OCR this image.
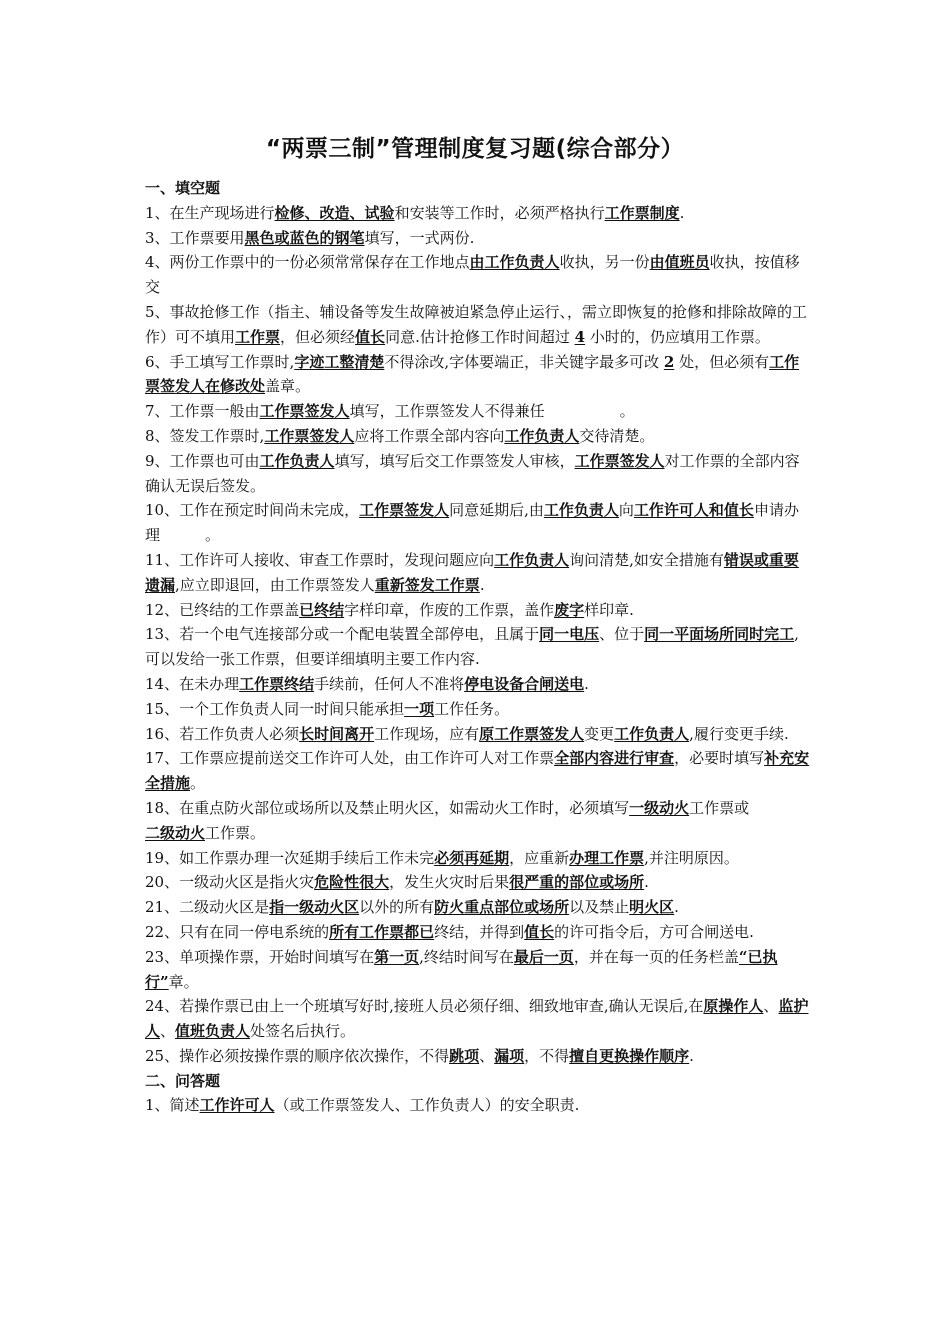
“两票三制”管理制度复习题(综合部分）

一、填空题

1、在生产现场进行检修、改造、试验和安装等工作时，必须严格执行工作票制度.

3、工作票要用黑色或蓝色的钢笔填写，一式两份.

4、两份工作票中的一份必须常常保存在工作地点由工作负责人收执，另一份由值班员收执，按值移交

5、事故抢修工作（指主、辅设备等发生故障被迫紧急停止运行、，需立即恢复的抢修和排除故障的工作）可不填用工作票，但必须经值长同意.估计抢修工作时间超过 4 小时的，仍应填用工作票。

6、手工填写工作票时,字迹工整清楚不得涂改,字体要端正，非关键字最多可改 2 处，但必须有工作票签发人在修改处盖章。

7、工作票一般由工作票签发人填写，工作票签发人不得兼任　　　　　。

8、签发工作票时,工作票签发人应将工作票全部内容向工作负责人交待清楚。

9、工作票也可由工作负责人填写，填写后交工作票签发人审核，工作票签发人对工作票的全部内容确认无误后签发。

10、工作在预定时间尚未完成，工作票签发人同意延期后,由工作负责人向工作许可人和值长申请办理　　　。

11、工作许可人接收、审查工作票时，发现问题应向工作负责人询问清楚,如安全措施有错误或重要遗漏,应立即退回，由工作票签发人重新签发工作票.

12、已终结的工作票盖已终结字样印章，作废的工作票，盖作废字样印章.

13、若一个电气连接部分或一个配电装置全部停电，且属于同一电压、位于同一平面场所同时完工,可以发给一张工作票，但要详细填明主要工作内容.

14、在未办理工作票终结手续前，任何人不准将停电设备合闸送电.

15、一个工作负责人同一时间只能承担一项工作任务。

16、若工作负责人必须长时间离开工作现场，应有原工作票签发人变更工作负责人,履行变更手续.

17、工作票应提前送交工作许可人处，由工作许可人对工作票全部内容进行审查，必要时填写补充安全措施。

18、在重点防火部位或场所以及禁止明火区，如需动火工作时，必须填写一级动火工作票或

二级动火工作票。

19、如工作票办理一次延期手续后工作未完必须再延期，应重新办理工作票,并注明原因。

20、一级动火区是指火灾危险性很大，发生火灾时后果很严重的部位或场所.

21、二级动火区是指一级动火区以外的所有防火重点部位或场所以及禁止明火区.

22、只有在同一停电系统的所有工作票都已终结，并得到值长的许可指令后，方可合闸送电.

23、单项操作票，开始时间填写在第一页,终结时间写在最后一页，并在每一页的任务栏盖“已执行”章。

24、若操作票已由上一个班填写好时,接班人员必须仔细、细致地审查,确认无误后,在原操作人、监护人、值班负责人处签名后执行。

25、操作必须按操作票的顺序依次操作，不得跳项、漏项，不得擅自更换操作顺序.

二、问答题

1、简述工作许可人（或工作票签发人、工作负责人）的安全职责.
